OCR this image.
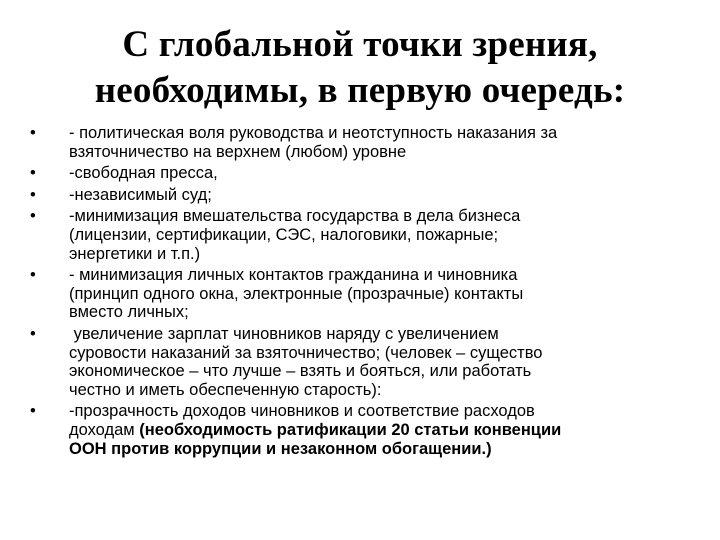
С глобальной точки зрения,
необходимы, в первую очередь:
•	- политическая воля руководства и неотступность наказания за
взяточничество на верхнем (любом) уровне
•	-свободная пресса,
•	-независимый суд;
•	-минимизация вмешательства государства в дела бизнеса
(лицензии, сертификации, СЭС, налоговики, пожарные;
энергетики и т.п.)
•	- минимизация личных контактов гражданина и чиновника
(принцип одного окна, электронные (прозрачные) контакты
вместо личных;
•	увеличение зарплат чиновников наряду с увеличением
суровости наказаний за взяточничество; (человек – существо
экономическое – что лучше – взять и бояться, или работать
честно и иметь обеспеченную старость):
•	-прозрачность доходов чиновников и соответствие расходов
доходам (необходимость ратификации 20 статьи конвенции
ООН против коррупции и незаконном обогащении.)
